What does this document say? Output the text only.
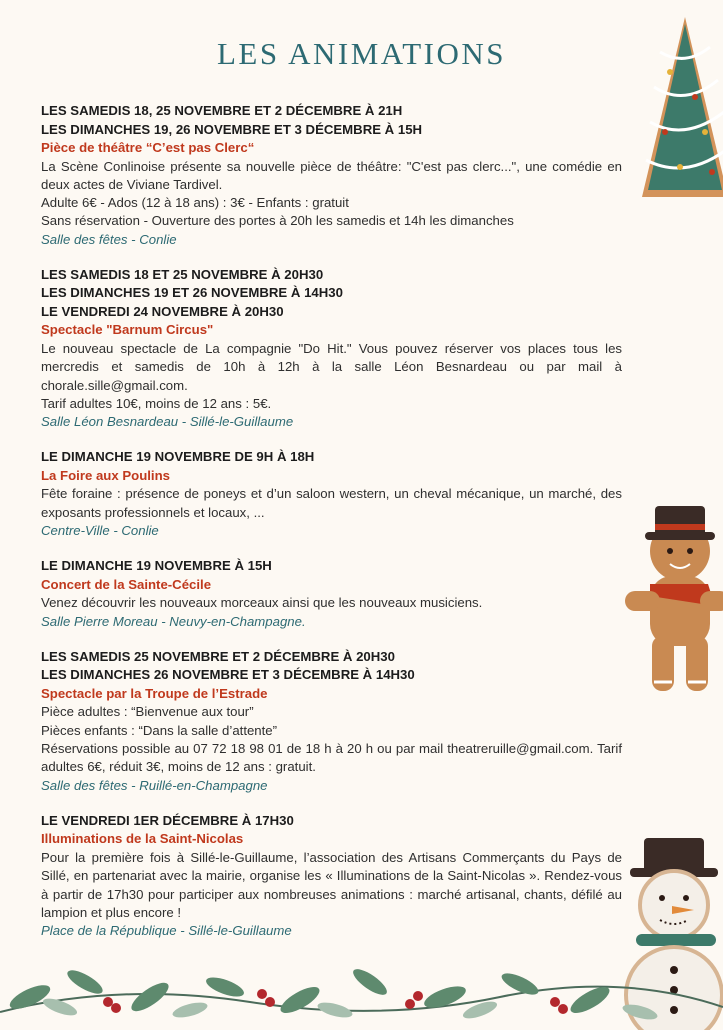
LES ANIMATIONS
LES SAMEDIS 18, 25 NOVEMBRE ET 2 DÉCEMBRE À 21H
LES DIMANCHES 19, 26 NOVEMBRE ET 3 DÉCEMBRE À 15H
Pièce de théâtre “C’est pas Clerc“
La Scène Conlinoise présente sa nouvelle pièce de théâtre: "C'est pas clerc...", une comédie en deux actes de Viviane Tardivel.
Adulte 6€ - Ados (12 à 18 ans) : 3€ - Enfants : gratuit
Sans réservation - Ouverture des portes à 20h les samedis et 14h les dimanches
Salle des fêtes - Conlie
LES SAMEDIS 18 ET 25 NOVEMBRE À 20H30
LES DIMANCHES 19 ET 26 NOVEMBRE À 14H30
LE VENDREDI 24 NOVEMBRE À 20H30
Spectacle "Barnum Circus"
Le nouveau spectacle de La compagnie "Do Hit." Vous pouvez réserver vos places tous les mercredis et samedis de 10h à 12h à la salle Léon Besnardeau ou par mail à chorale.sille@gmail.com.
Tarif adultes 10€, moins de 12 ans : 5€.
Salle Léon Besnardeau - Sillé-le-Guillaume
LE DIMANCHE 19 NOVEMBRE DE 9H À 18H
La Foire aux Poulins
Fête foraine : présence de poneys et d’un saloon western, un cheval mécanique, un marché, des exposants professionnels et locaux, ...
Centre-Ville - Conlie
LE DIMANCHE 19 NOVEMBRE À 15H
Concert de la Sainte-Cécile
Venez découvrir les nouveaux morceaux ainsi que les nouveaux musiciens.
Salle Pierre Moreau - Neuvy-en-Champagne.
LES SAMEDIS 25 NOVEMBRE ET 2 DÉCEMBRE À 20H30
LES DIMANCHES 26 NOVEMBRE ET 3 DÉCEMBRE À 14H30
Spectacle par la Troupe de l’Estrade
Pièce adultes : “Bienvenue aux tour”
Pièces enfants : “Dans la salle d’attente”
Réservations possible au 07 72 18 98 01 de 18 h à 20 h ou par mail theatreruille@gmail.com. Tarif adultes 6€, réduit 3€, moins de 12 ans : gratuit.
Salle des fêtes - Ruillé-en-Champagne
LE VENDREDI 1ER DÉCEMBRE À 17H30
Illuminations de la Saint-Nicolas
Pour la première fois à Sillé-le-Guillaume, l’association des Artisans Commerçants du Pays de Sillé, en partenariat avec la mairie, organise les « Illuminations de la Saint-Nicolas ». Rendez-vous à partir de 17h30 pour participer aux nombreuses animations : marché artisanal, chants, défilé au lampion et plus encore !
Place de la République - Sillé-le-Guillaume
